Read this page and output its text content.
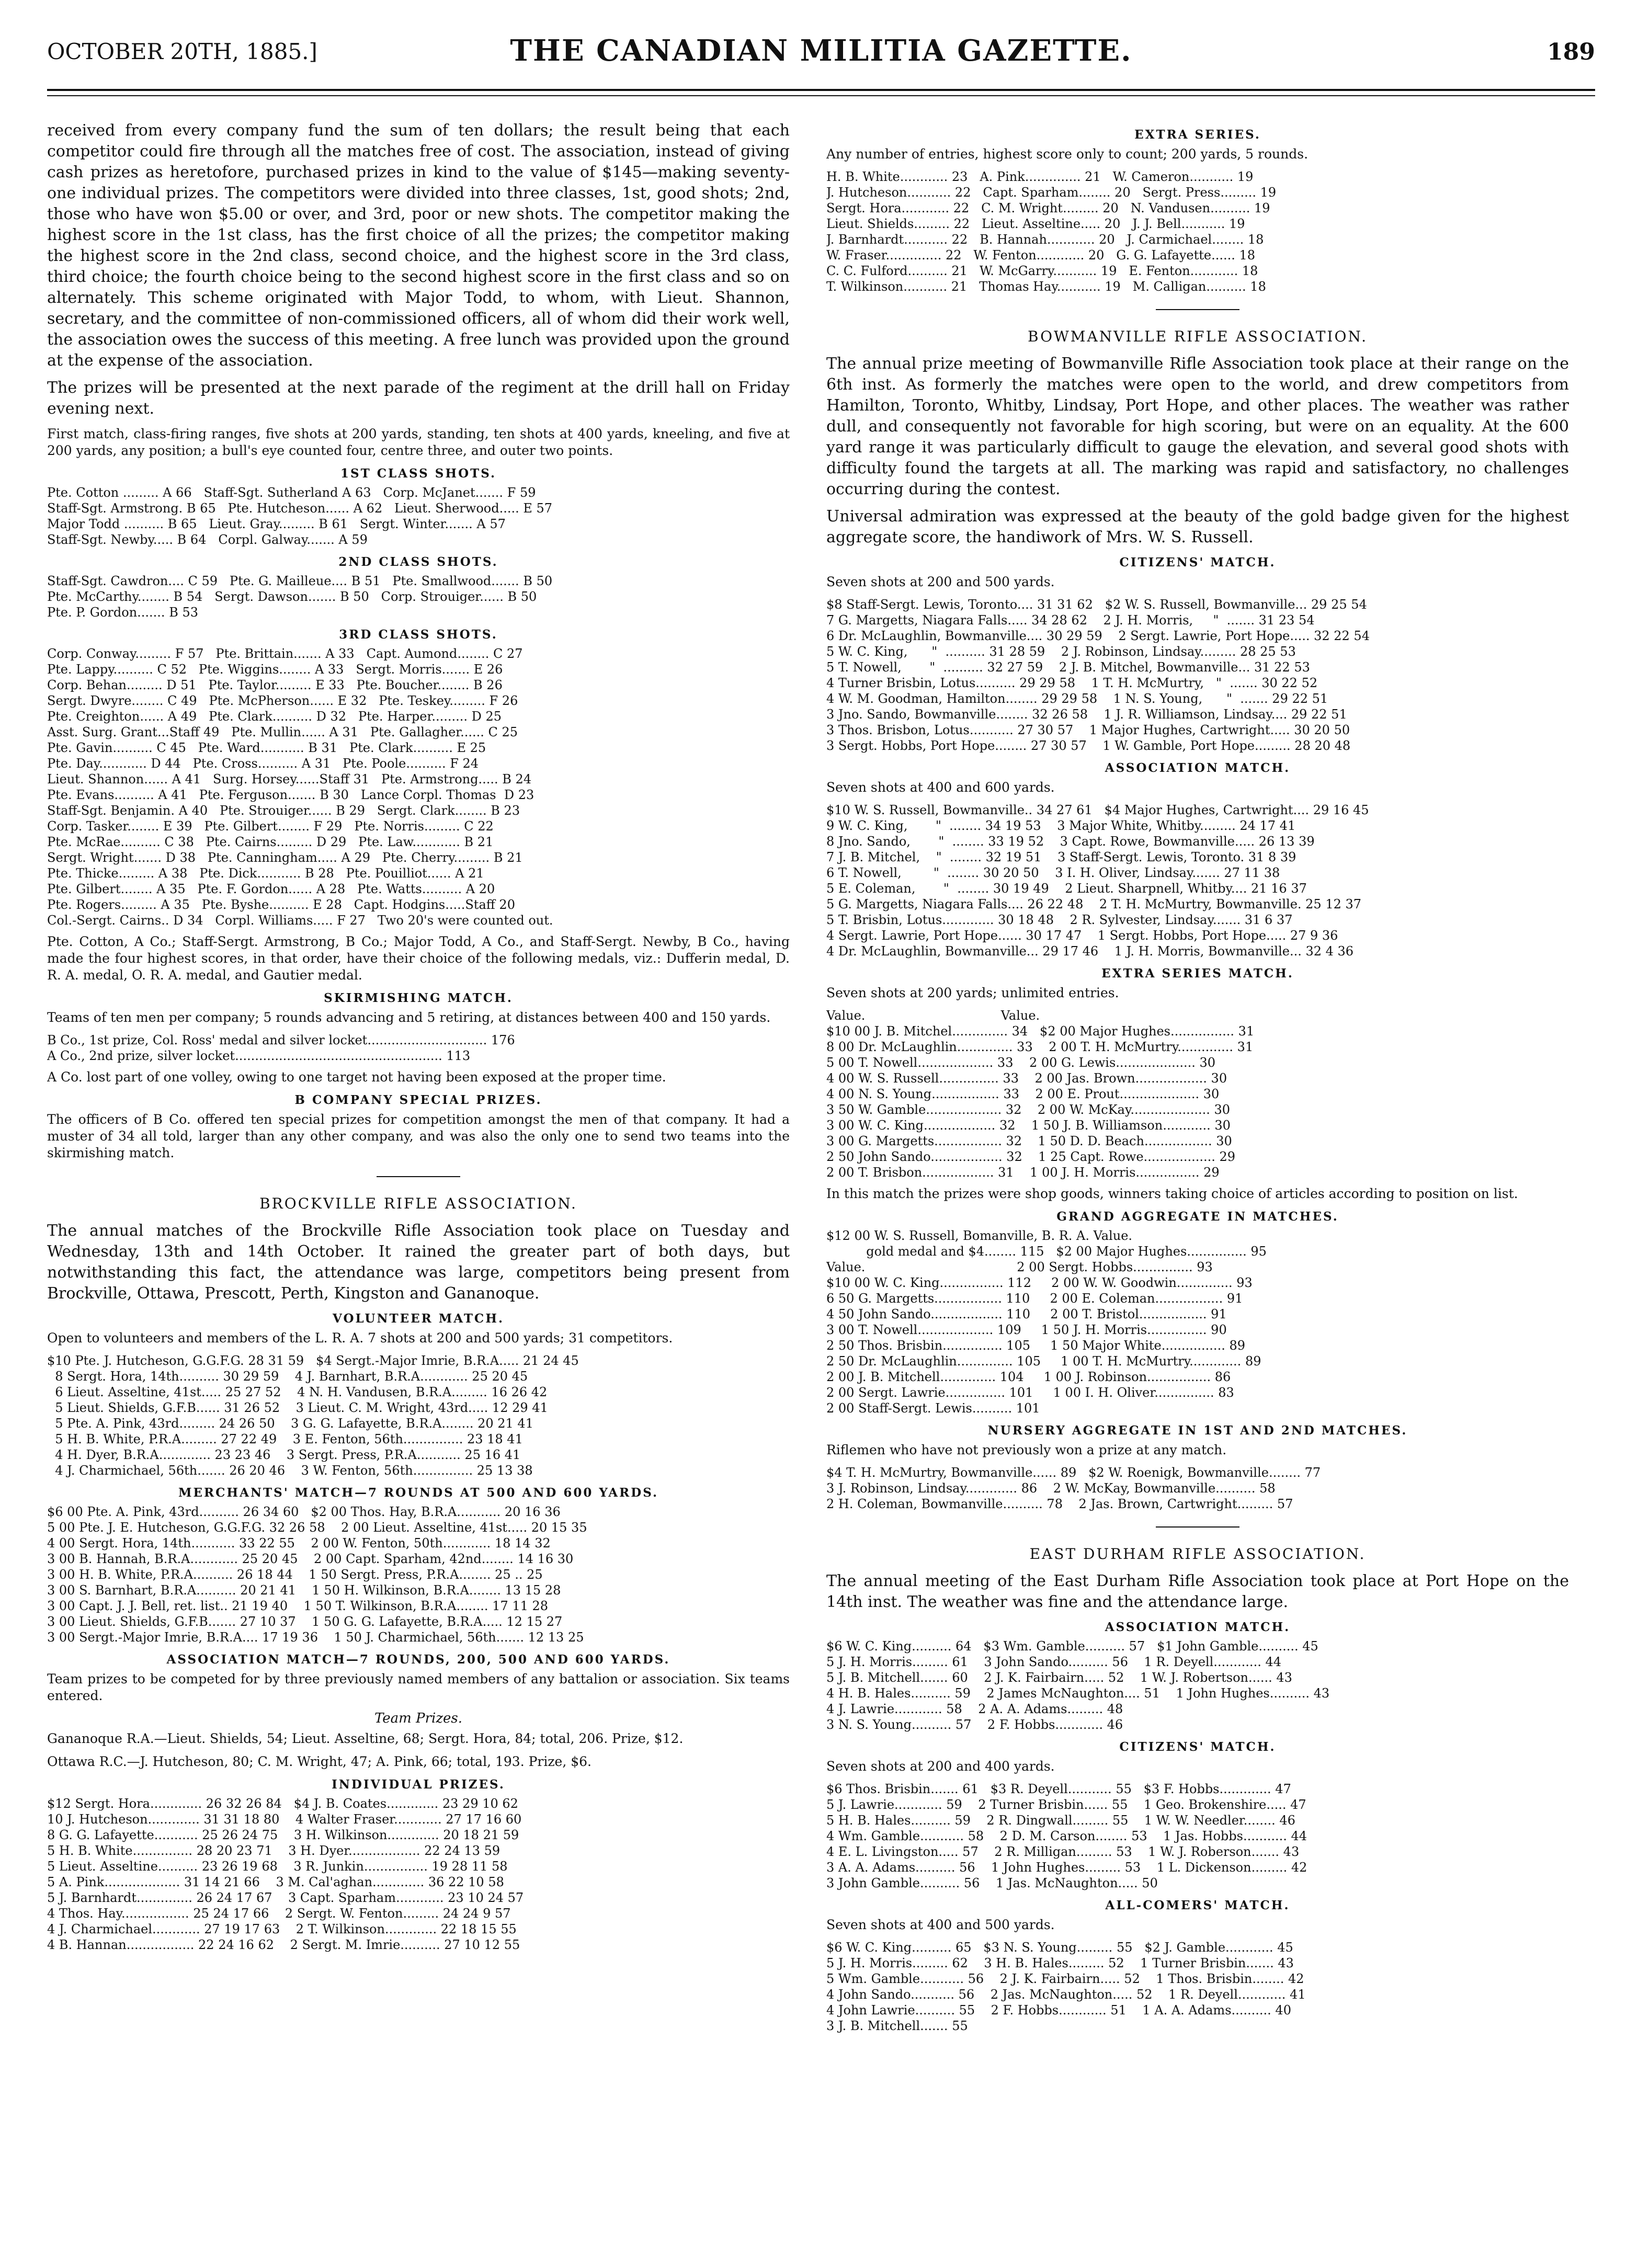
OCTOBER 20TH, 1885.]	THE CANADIAN MILITIA GAZETTE.	189

received from every company fund the sum of ten dollars; the result being that each competitor could fire through all the matches free of cost. The association, instead of giving cash prizes as heretofore, purchased prizes in kind to the value of $145—making seventy-one individual prizes. The competitors were divided into three classes, 1st, good shots; 2nd, those who have won $5.00 or over, and 3rd, poor or new shots. The competitor making the highest score in the 1st class, has the first choice of all the prizes; the competitor making the highest score in the 2nd class, second choice, and the highest score in the 3rd class, third choice; the fourth choice being to the second highest score in the first class and so on alternately. This scheme originated with Major Todd, to whom, with Lieut. Shannon, secretary, and the committee of non-commissioned officers, all of whom did their work well, the association owes the success of this meeting. A free lunch was provided upon the ground at the expense of the association.

The prizes will be presented at the next parade of the regiment at the drill hall on Friday evening next.

First match, class-firing ranges, five shots at 200 yards, standing, ten shots at 400 yards, kneeling, and five at 200 yards, any position; a bull's eye counted four, centre three, and outer two points.

1ST CLASS SHOTS.
Pte. Cotton ......... A 66   Staff-Sgt. Sutherland A 63   Corp. McJanet....... F 59
Staff-Sgt. Armstrong. B 65   Pte. Hutcheson...... A 62   Lieut. Sherwood..... E 57
Major Todd .......... B 65   Lieut. Gray......... B 61   Sergt. Winter....... A 57
Staff-Sgt. Newby..... B 64   Corpl. Galway....... A 59
2ND CLASS SHOTS.
Staff-Sgt. Cawdron.... C 59   Pte. G. Mailleue.... B 51   Pte. Smallwood....... B 50
Pte. McCarthy........ B 54   Sergt. Dawson....... B 50   Corp. Strouiger...... B 50
Pte. P. Gordon....... B 53
3RD CLASS SHOTS.
Corp. Conway......... F 57   Pte. Brittain....... A 33   Capt. Aumond........ C 27
Pte. Lappy.......... C 52   Pte. Wiggins........ A 33   Sergt. Morris....... E 26
Corp. Behan......... D 51   Pte. Taylor......... E 33   Pte. Boucher........ B 26
Sergt. Dwyre........ C 49   Pte. McPherson...... E 32   Pte. Teskey......... F 26
Pte. Creighton...... A 49   Pte. Clark.......... D 32   Pte. Harper......... D 25
Asst. Surg. Grant...Staff 49   Pte. Mullin...... A 31   Pte. Gallagher...... C 25
Pte. Gavin.......... C 45   Pte. Ward........... B 31   Pte. Clark.......... E 25
Pte. Day............ D 44   Pte. Cross.......... A 31   Pte. Poole.......... F 24
Lieut. Shannon...... A 41   Surg. Horsey......Staff 31   Pte. Armstrong..... B 24
Pte. Evans.......... A 41   Pte. Ferguson....... B 30   Lance Corpl. Thomas  D 23
Staff-Sgt. Benjamin. A 40   Pte. Strouiger...... B 29   Sergt. Clark........ B 23
Corp. Tasker........ E 39   Pte. Gilbert........ F 29   Pte. Norris......... C 22
Pte. McRae.......... C 38   Pte. Cairns......... D 29   Pte. Law............ B 21
Sergt. Wright....... D 38   Pte. Canningham..... A 29   Pte. Cherry......... B 21
Pte. Thicke......... A 38   Pte. Dick........... B 28   Pte. Pouilliot...... A 21
Pte. Gilbert........ A 35   Pte. F. Gordon...... A 28   Pte. Watts.......... A 20
Pte. Rogers......... A 35   Pte. Byshe.......... E 28   Capt. Hodgins.....Staff 20
Col.-Sergt. Cairns.. D 34   Corpl. Williams..... F 27   Two 20's were counted out.

Pte. Cotton, A Co.; Staff-Sergt. Armstrong, B Co.; Major Todd, A Co., and Staff-Sergt. Newby, B Co., having made the four highest scores, in that order, have their choice of the following medals, viz.: Dufferin medal, D. R. A. medal, O. R. A. medal, and Gautier medal.

SKIRMISHING MATCH.

Teams of ten men per company; 5 rounds advancing and 5 retiring, at distances between 400 and 150 yards.

B Co., 1st prize, Col. Ross' medal and silver locket.............................. 176
A Co., 2nd prize, silver locket.................................................... 113

A Co. lost part of one volley, owing to one target not having been exposed at the proper time.

B COMPANY SPECIAL PRIZES.

The officers of B Co. offered ten special prizes for competition amongst the men of that company. It had a muster of 34 all told, larger than any other company, and was also the only one to send two teams into the skirmishing match.

BROCKVILLE RIFLE ASSOCIATION.

The annual matches of the Brockville Rifle Association took place on Tuesday and Wednesday, 13th and 14th October. It rained the greater part of both days, but notwithstanding this fact, the attendance was large, competitors being present from Brockville, Ottawa, Prescott, Perth, Kingston and Gananoque.

VOLUNTEER MATCH.

Open to volunteers and members of the L. R. A. 7 shots at 200 and 500 yards; 31 competitors.

$10 Pte. J. Hutcheson, G.G.F.G. 28 31 59   $4 Sergt.-Major Imrie, B.R.A..... 21 24 45
8 Sergt. Hora, 14th.......... 30 29 59    4 J. Barnhart, B.R.A............ 25 20 45
6 Lieut. Asseltine, 41st..... 25 27 52    4 N. H. Vandusen, B.R.A......... 16 26 42
5 Lieut. Shields, G.F.B...... 31 26 52    3 Lieut. C. M. Wright, 43rd..... 12 29 41
5 Pte. A. Pink, 43rd......... 24 26 50    3 G. G. Lafayette, B.R.A........ 20 21 41
5 H. B. White, P.R.A......... 27 22 49    3 E. Fenton, 56th............... 23 18 41
4 H. Dyer, B.R.A............. 23 23 46    3 Sergt. Press, P.R.A........... 25 16 41
4 J. Charmichael, 56th....... 26 20 46    3 W. Fenton, 56th............... 25 13 38
MERCHANTS' MATCH—7 ROUNDS AT 500 AND 600 YARDS.
$6 00 Pte. A. Pink, 43rd.......... 26 34 60   $2 00 Thos. Hay, B.R.A........... 20 16 36
5 00 Pte. J. E. Hutcheson, G.G.F.G. 32 26 58    2 00 Lieut. Asseltine, 41st..... 20 15 35
4 00 Sergt. Hora, 14th........... 33 22 55    2 00 W. Fenton, 50th............ 18 14 32
3 00 B. Hannah, B.R.A............ 25 20 45    2 00 Capt. Sparham, 42nd........ 14 16 30
3 00 H. B. White, P.R.A.......... 26 18 44    1 50 Sergt. Press, P.R.A........ 25 .. 25
3 00 S. Barnhart, B.R.A.......... 20 21 41    1 50 H. Wilkinson, B.R.A........ 13 15 28
3 00 Capt. J. J. Bell, ret. list.. 21 19 40    1 50 T. Wilkinson, B.R.A........ 17 11 28
3 00 Lieut. Shields, G.F.B....... 27 10 37    1 50 G. G. Lafayette, B.R.A..... 12 15 27
3 00 Sergt.-Major Imrie, B.R.A.... 17 19 36    1 50 J. Charmichael, 56th....... 12 13 25
ASSOCIATION MATCH—7 ROUNDS, 200, 500 AND 600 YARDS.

Team prizes to be competed for by three previously named members of any battalion or association. Six teams entered.

Team Prizes.

Gananoque R.A.—Lieut. Shields, 54; Lieut. Asseltine, 68; Sergt. Hora, 84; total, 206. Prize, $12.

Ottawa R.C.—J. Hutcheson, 80; C. M. Wright, 47; A. Pink, 66; total, 193. Prize, $6.

INDIVIDUAL PRIZES.
$12 Sergt. Hora............. 26 32 26 84   $4 J. B. Coates............. 23 29 10 62
10 J. Hutcheson............. 31 31 18 80    4 Walter Fraser............ 27 17 16 60
8 G. G. Lafayette........... 25 26 24 75    3 H. Wilkinson............. 20 18 21 59
5 H. B. White............... 28 20 23 71    3 H. Dyer.................. 22 24 13 59
5 Lieut. Asseltine.......... 23 26 19 68    3 R. Junkin................ 19 28 11 58
5 A. Pink................... 31 14 21 66    3 M. Cal'aghan............. 36 22 10 58
5 J. Barnhardt.............. 26 24 17 67    3 Capt. Sparham............ 23 10 24 57
4 Thos. Hay................. 25 24 17 66    2 Sergt. W. Fenton......... 24 24 9 57
4 J. Charmichael............ 27 19 17 63    2 T. Wilkinson............. 22 18 15 55
4 B. Hannan................. 22 24 16 62    2 Sergt. M. Imrie.......... 27 10 12 55
EXTRA SERIES.

Any number of entries, highest score only to count; 200 yards, 5 rounds.

H. B. White............ 23   A. Pink.............. 21   W. Cameron........... 19
J. Hutcheson........... 22   Capt. Sparham........ 20   Sergt. Press......... 19
Sergt. Hora............ 22   C. M. Wright......... 20   N. Vandusen.......... 19
Lieut. Shields......... 22   Lieut. Asseltine..... 20   J. J. Bell........... 19
J. Barnhardt........... 22   B. Hannah............ 20   J. Carmichael........ 18
W. Fraser.............. 22   W. Fenton............ 20   G. G. Lafayette...... 18
C. C. Fulford.......... 21   W. McGarry........... 19   E. Fenton............ 18
T. Wilkinson........... 21   Thomas Hay........... 19   M. Calligan.......... 18
BOWMANVILLE RIFLE ASSOCIATION.

The annual prize meeting of Bowmanville Rifle Association took place at their range on the 6th inst. As formerly the matches were open to the world, and drew competitors from Hamilton, Toronto, Whitby, Lindsay, Port Hope, and other places. The weather was rather dull, and consequently not favorable for high scoring, but were on an equality. At the 600 yard range it was particularly difficult to gauge the elevation, and several good shots with difficulty found the targets at all. The marking was rapid and satisfactory, no challenges occurring during the contest.

Universal admiration was expressed at the beauty of the gold badge given for the highest aggregate score, the handiwork of Mrs. W. S. Russell.

CITIZENS' MATCH.

Seven shots at 200 and 500 yards.

$8 Staff-Sergt. Lewis, Toronto.... 31 31 62   $2 W. S. Russell, Bowmanville... 29 25 54
7 G. Margetts, Niagara Falls..... 34 28 62    2 J. H. Morris,     "  ....... 31 23 54
6 Dr. McLaughlin, Bowmanville.... 30 29 59    2 Sergt. Lawrie, Port Hope..... 32 22 54
5 W. C. King,      "  .......... 31 28 59    2 J. Robinson, Lindsay......... 28 25 53
5 T. Nowell,       "  .......... 32 27 59    2 J. B. Mitchel, Bowmanville... 31 22 53
4 Turner Brisbin, Lotus.......... 29 29 58    1 T. H. McMurtry,   "  ....... 30 22 52
4 W. M. Goodman, Hamilton........ 29 29 58    1 N. S. Young,      "  ....... 29 22 51
3 Jno. Sando, Bowmanville........ 32 26 58    1 J. R. Williamson, Lindsay.... 29 22 51
3 Thos. Brisbon, Lotus........... 27 30 57    1 Major Hughes, Cartwright..... 30 20 50
3 Sergt. Hobbs, Port Hope........ 27 30 57    1 W. Gamble, Port Hope......... 28 20 48
ASSOCIATION MATCH.

Seven shots at 400 and 600 yards.

$10 W. S. Russell, Bowmanville.. 34 27 61   $4 Major Hughes, Cartwright.... 29 16 45
9 W. C. King,       "  ........ 34 19 53    3 Major White, Whitby......... 24 17 41
8 Jno. Sando,       "  ........ 33 19 52    3 Capt. Rowe, Bowmanville..... 26 13 39
7 J. B. Mitchel,    "  ........ 32 19 51    3 Staff-Sergt. Lewis, Toronto. 31 8 39
6 T. Nowell,        "  ........ 30 20 50    3 I. H. Oliver, Lindsay....... 27 11 38
5 E. Coleman,       "  ........ 30 19 49    2 Lieut. Sharpnell, Whitby.... 21 16 37
5 G. Margetts, Niagara Falls.... 26 22 48    2 T. H. McMurtry, Bowmanville. 25 12 37
5 T. Brisbin, Lotus............. 30 18 48    2 R. Sylvester, Lindsay....... 31 6 37
4 Sergt. Lawrie, Port Hope...... 30 17 47    1 Sergt. Hobbs, Port Hope..... 27 9 36
4 Dr. McLaughlin, Bowmanville... 29 17 46    1 J. H. Morris, Bowmanville... 32 4 36
EXTRA SERIES MATCH.

Seven shots at 200 yards; unlimited entries.

Value.                                  Value.
$10 00 J. B. Mitchel.............. 34   $2 00 Major Hughes................ 31
8 00 Dr. McLaughlin.............. 33    2 00 T. H. McMurtry.............. 31
5 00 T. Nowell................... 33    2 00 G. Lewis.................... 30
4 00 W. S. Russell............... 33    2 00 Jas. Brown.................. 30
4 00 N. S. Young................. 33    2 00 E. Prout.................... 30
3 50 W. Gamble................... 32    2 00 W. McKay.................... 30
3 00 W. C. King.................. 32    1 50 J. B. Williamson............ 30
3 00 G. Margetts................. 32    1 50 D. D. Beach................. 30
2 50 John Sando.................. 32    1 25 Capt. Rowe.................. 29
2 00 T. Brisbon.................. 31    1 00 J. H. Morris................ 29

In this match the prizes were shop goods, winners taking choice of articles according to position on list.

GRAND AGGREGATE IN MATCHES.
$12 00 W. S. Russell, Bomanville, B. R. A. Value.
gold medal and $4........ 115   $2 00 Major Hughes............... 95
Value.                                      2 00 Sergt. Hobbs............... 93
$10 00 W. C. King................ 112     2 00 W. W. Goodwin.............. 93
6 50 G. Margetts................. 110     2 00 E. Coleman................. 91
4 50 John Sando.................. 110     2 00 T. Bristol................. 91
3 00 T. Nowell................... 109     1 50 J. H. Morris............... 90
2 50 Thos. Brisbin............... 105     1 50 Major White................ 89
2 50 Dr. McLaughlin.............. 105     1 00 T. H. McMurtry............. 89
2 00 J. B. Mitchell.............. 104     1 00 J. Robinson................ 86
2 00 Sergt. Lawrie............... 101     1 00 I. H. Oliver............... 83
2 00 Staff-Sergt. Lewis.......... 101
NURSERY AGGREGATE IN 1ST AND 2ND MATCHES.

Riflemen who have not previously won a prize at any match.

$4 T. H. McMurtry, Bowmanville...... 89   $2 W. Roenigk, Bowmanville........ 77
3 J. Robinson, Lindsay............. 86    2 W. McKay, Bowmanville.......... 58
2 H. Coleman, Bowmanville.......... 78    2 Jas. Brown, Cartwright......... 57
EAST DURHAM RIFLE ASSOCIATION.

The annual meeting of the East Durham Rifle Association took place at Port Hope on the 14th inst. The weather was fine and the attendance large.

ASSOCIATION MATCH.
$6 W. C. King.......... 64   $3 Wm. Gamble.......... 57   $1 John Gamble.......... 45
5 J. H. Morris......... 61    3 John Sando.......... 56    1 R. Deyell............ 44
5 J. B. Mitchell....... 60    2 J. K. Fairbairn..... 52    1 W. J. Robertson...... 43
4 H. B. Hales.......... 59    2 James McNaughton.... 51    1 John Hughes.......... 43
4 J. Lawrie............ 58    2 A. A. Adams......... 48
3 N. S. Young.......... 57    2 F. Hobbs............ 46
CITIZENS' MATCH.

Seven shots at 200 and 400 yards.

$6 Thos. Brisbin....... 61   $3 R. Deyell........... 55   $3 F. Hobbs............. 47
5 J. Lawrie............ 59    2 Turner Brisbin...... 55    1 Geo. Brokenshire..... 47
5 H. B. Hales.......... 59    2 R. Dingwall......... 55    1 W. W. Needler........ 46
4 Wm. Gamble........... 58    2 D. M. Carson........ 53    1 Jas. Hobbs........... 44
4 E. L. Livingston..... 57    2 R. Milligan......... 53    1 W. J. Roberson....... 43
3 A. A. Adams.......... 56    1 John Hughes......... 53    1 L. Dickenson......... 42
3 John Gamble.......... 56    1 Jas. McNaughton..... 50
ALL-COMERS' MATCH.

Seven shots at 400 and 500 yards.

$6 W. C. King.......... 65   $3 N. S. Young......... 55   $2 J. Gamble............ 45
5 J. H. Morris......... 62    3 H. B. Hales......... 52    1 Turner Brisbin....... 43
5 Wm. Gamble........... 56    2 J. K. Fairbairn..... 52    1 Thos. Brisbin........ 42
4 John Sando........... 56    2 Jas. McNaughton..... 52    1 R. Deyell............ 41
4 John Lawrie.......... 55    2 F. Hobbs............ 51    1 A. A. Adams.......... 40
3 J. B. Mitchell....... 55
